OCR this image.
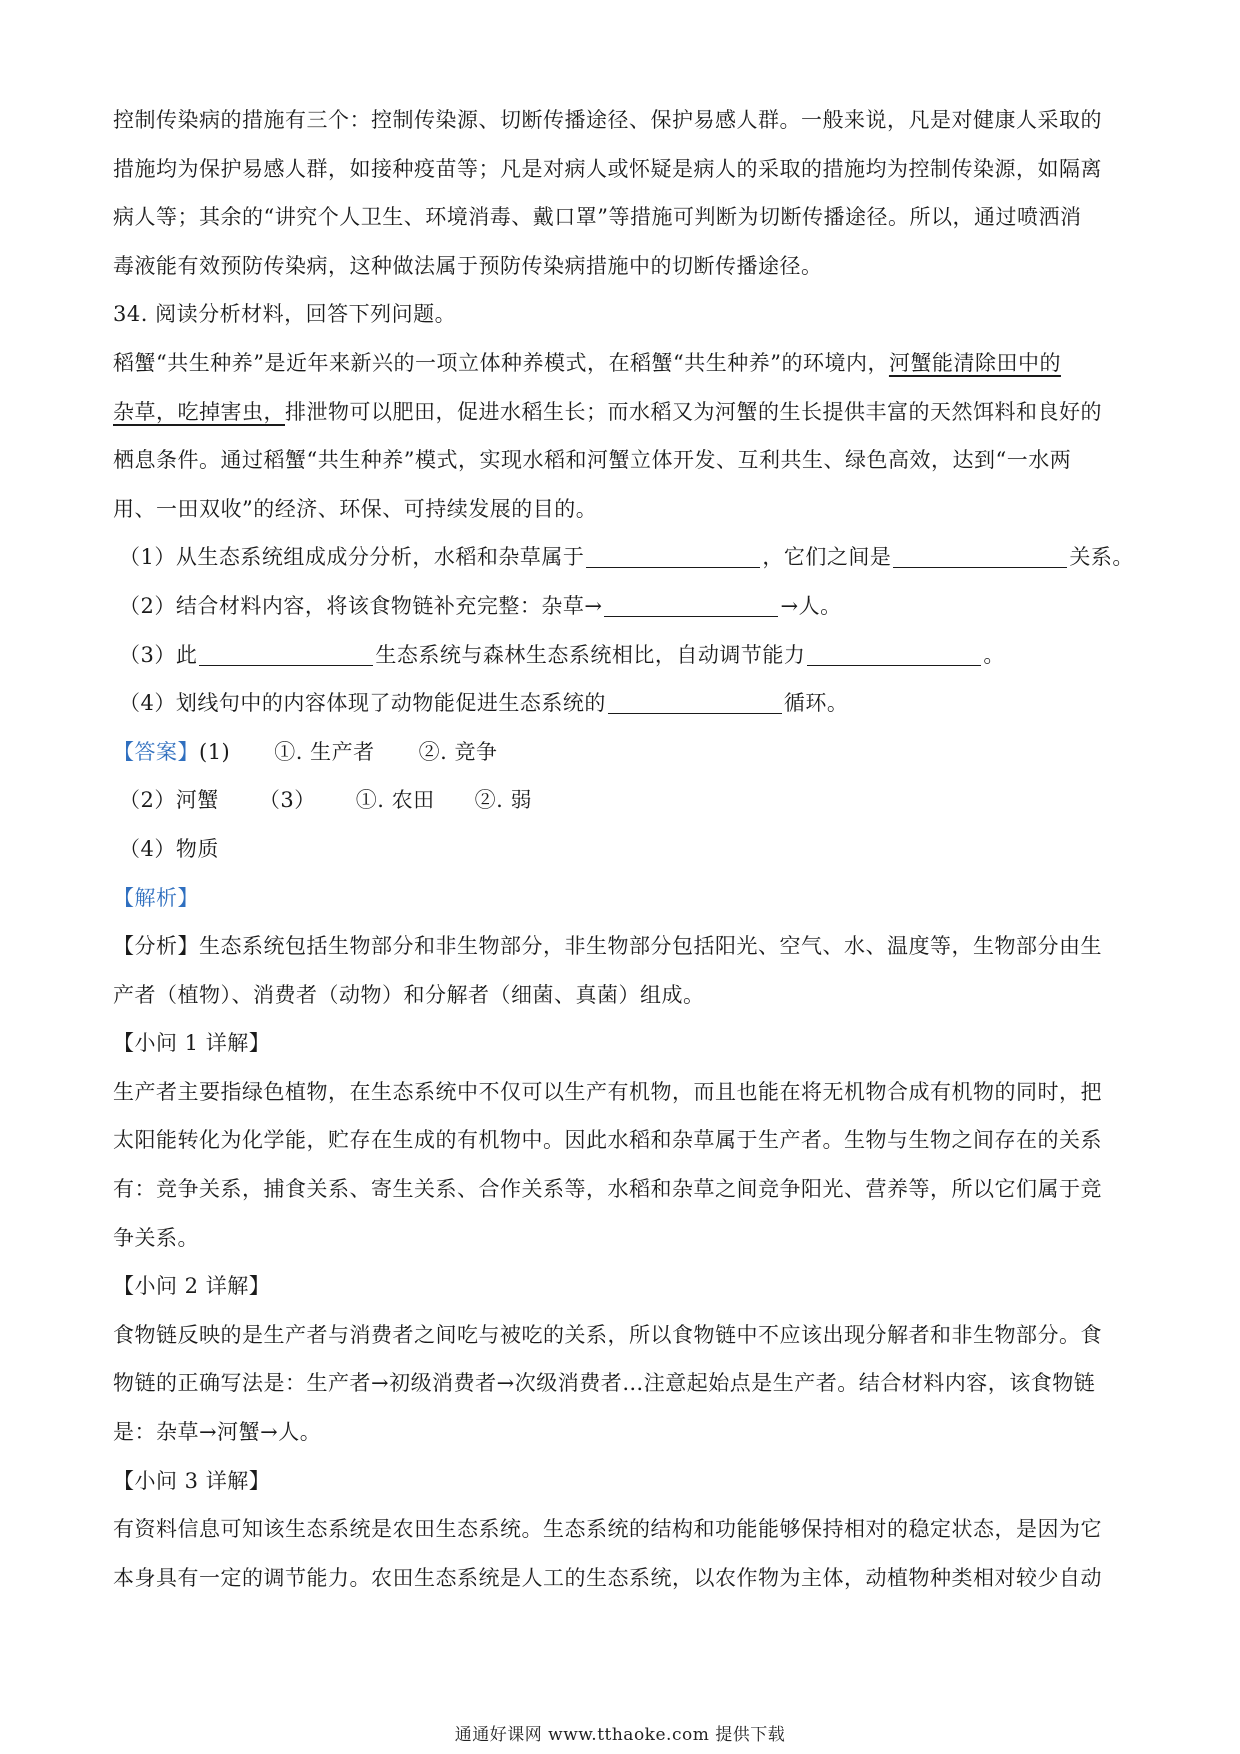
控制传染病的措施有三个：控制传染源、切断传播途径、保护易感人群。一般来说，凡是对健康人采取的
措施均为保护易感人群，如接种疫苗等；凡是对病人或怀疑是病人的采取的措施均为控制传染源，如隔离
病人等；其余的“讲究个人卫生、环境消毒、戴口罩”等措施可判断为切断传播途径。所以，通过喷洒消
毒液能有效预防传染病，这种做法属于预防传染病措施中的切断传播途径。
34. 阅读分析材料，回答下列问题。
稻蟹“共生种养”是近年来新兴的一项立体种养模式，在稻蟹“共生种养”的环境内，河蟹能清除田中的
杂草，吃掉害虫，排泄物可以肥田，促进水稻生长；而水稻又为河蟹的生长提供丰富的天然饵料和良好的
栖息条件。通过稻蟹“共生种养”模式，实现水稻和河蟹立体开发、互利共生、绿色高效，达到“一水两
用、一田双收”的经济、环保、可持续发展的目的。
（1）从生态系统组成成分分析，水稻和杂草属于	，它们之间是	关系。
（2）结合材料内容，将该食物链补充完整：杂草→	→人。
（3）此	生态系统与森林生态系统相比，自动调节能力	。
（4）划线句中的内容体现了动物能促进生态系统的	循环。
【答案】(1) ①. 生产者 ②. 竞争
（2）河蟹 （3） ①. 农田 ②. 弱
（4）物质
【解析】
【分析】生态系统包括生物部分和非生物部分，非生物部分包括阳光、空气、水、温度等，生物部分由生
产者（植物）、消费者（动物）和分解者（细菌、真菌）组成。
【小问 1 详解】
生产者主要指绿色植物，在生态系统中不仅可以生产有机物，而且也能在将无机物合成有机物的同时，把
太阳能转化为化学能，贮存在生成的有机物中。因此水稻和杂草属于生产者。生物与生物之间存在的关系
有：竞争关系，捕食关系、寄生关系、合作关系等，水稻和杂草之间竞争阳光、营养等，所以它们属于竞
争关系。
【小问 2 详解】
食物链反映的是生产者与消费者之间吃与被吃的关系，所以食物链中不应该出现分解者和非生物部分。食
物链的正确写法是：生产者→初级消费者→次级消费者…注意起始点是生产者。结合材料内容，该食物链
是：杂草→河蟹→人。
【小问 3 详解】
有资料信息可知该生态系统是农田生态系统。生态系统的结构和功能能够保持相对的稳定状态，是因为它
本身具有一定的调节能力。农田生态系统是人工的生态系统，以农作物为主体，动植物种类相对较少自动
通通好课网 www.tthaoke.com 提供下载
